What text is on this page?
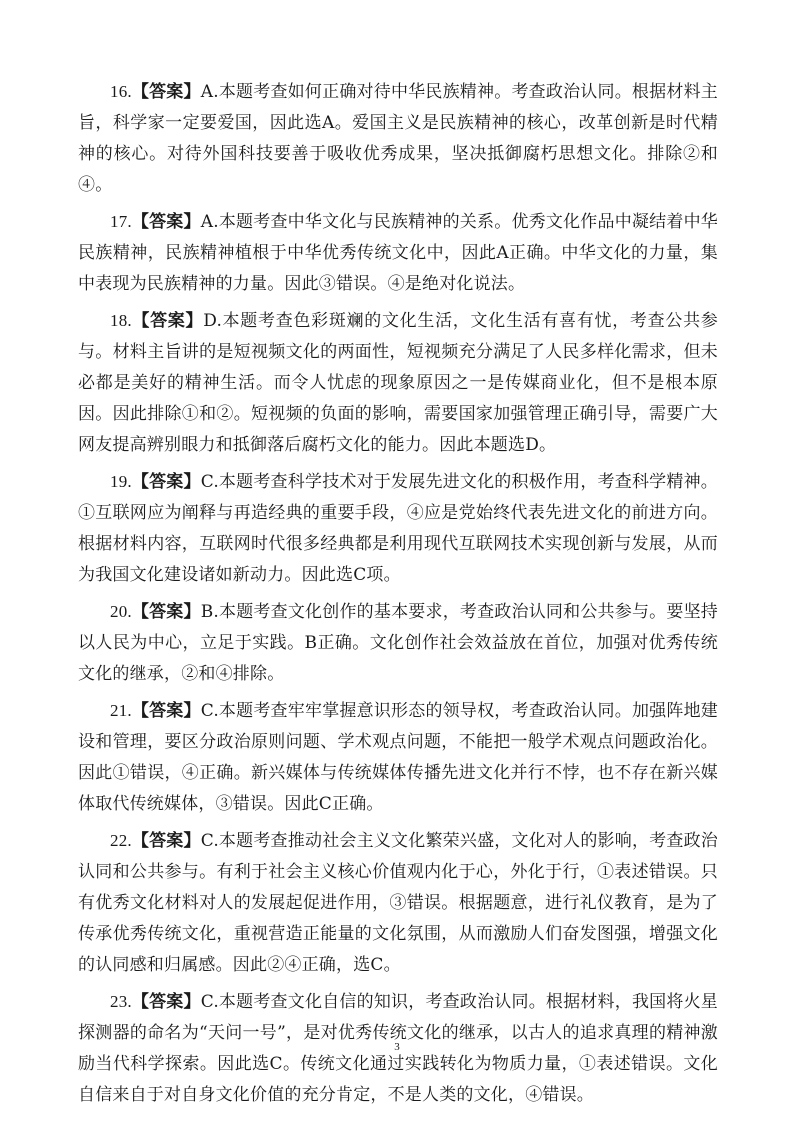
16.【答案】A.本题考查如何正确对待中华民族精神。考查政治认同。根据材料主旨，科学家一定要爱国，因此选A。爱国主义是民族精神的核心，改革创新是时代精神的核心。对待外国科技要善于吸收优秀成果，坚决抵御腐朽思想文化。排除②和④。

17.【答案】A.本题考查中华文化与民族精神的关系。优秀文化作品中凝结着中华民族精神，民族精神植根于中华优秀传统文化中，因此A正确。中华文化的力量，集中表现为民族精神的力量。因此③错误。④是绝对化说法。

18.【答案】D.本题考查色彩斑斓的文化生活，文化生活有喜有忧，考查公共参与。材料主旨讲的是短视频文化的两面性，短视频充分满足了人民多样化需求，但未必都是美好的精神生活。而令人忧虑的现象原因之一是传媒商业化，但不是根本原因。因此排除①和②。短视频的负面的影响，需要国家加强管理正确引导，需要广大网友提高辨别眼力和抵御落后腐朽文化的能力。因此本题选D。

19.【答案】C.本题考查科学技术对于发展先进文化的积极作用，考查科学精神。①互联网应为阐释与再造经典的重要手段，④应是党始终代表先进文化的前进方向。根据材料内容，互联网时代很多经典都是利用现代互联网技术实现创新与发展，从而为我国文化建设诸如新动力。因此选C项。

20.【答案】B.本题考查文化创作的基本要求，考查政治认同和公共参与。要坚持以人民为中心，立足于实践。B正确。文化创作社会效益放在首位，加强对优秀传统文化的继承，②和④排除。

21.【答案】C.本题考查牢牢掌握意识形态的领导权，考查政治认同。加强阵地建设和管理，要区分政治原则问题、学术观点问题，不能把一般学术观点问题政治化。因此①错误，④正确。新兴媒体与传统媒体传播先进文化并行不悖，也不存在新兴媒体取代传统媒体，③错误。因此C正确。

22.【答案】C.本题考查推动社会主义文化繁荣兴盛，文化对人的影响，考查政治认同和公共参与。有利于社会主义核心价值观内化于心，外化于行，①表述错误。只有优秀文化材料对人的发展起促进作用，③错误。根据题意，进行礼仪教育，是为了传承优秀传统文化，重视营造正能量的文化氛围，从而激励人们奋发图强，增强文化的认同感和归属感。因此②④正确，选C。

23.【答案】C.本题考查文化自信的知识，考查政治认同。根据材料，我国将火星探测器的命名为“天问一号”，是对优秀传统文化的继承，以古人的追求真理的精神激励当代科学探索。因此选C。传统文化通过实践转化为物质力量，①表述错误。文化自信来自于对自身文化价值的充分肯定，不是人类的文化，④错误。

3
